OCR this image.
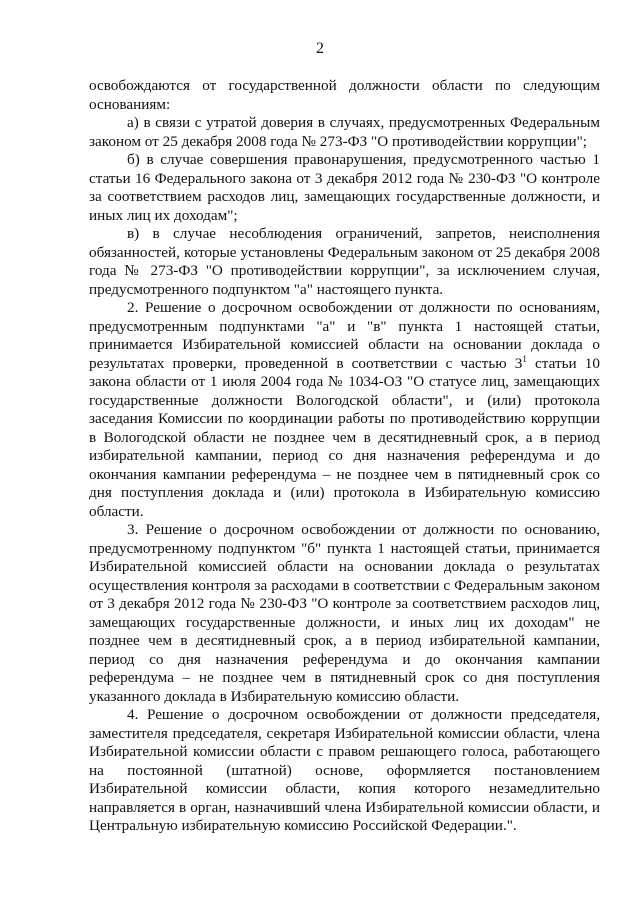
2

освобождаются от государственной должности области по следующим основаниям:

а) в связи с утратой доверия в случаях, предусмотренных Федеральным законом от 25 декабря 2008 года № 273-ФЗ "О противодействии коррупции";

б) в случае совершения правонарушения, предусмотренного частью 1 статьи 16 Федерального закона от 3 декабря 2012 года № 230-ФЗ "О контроле за соответствием расходов лиц, замещающих государственные должности, и иных лиц их доходам";

в) в случае несоблюдения ограничений, запретов, неисполнения обязанностей, которые установлены Федеральным законом от 25 декабря 2008 года № 273-ФЗ "О противодействии коррупции", за исключением случая, предусмотренного подпунктом "а" настоящего пункта.

2. Решение о досрочном освобождении от должности по основаниям, предусмотренным подпунктами "а" и "в" пункта 1 настоящей статьи, принимается Избирательной комиссией области на основании доклада о результатах проверки, проведенной в соответствии с частью $3^1$ статьи 10 закона области от 1 июля 2004 года № 1034-ОЗ "О статусе лиц, замещающих государственные должности Вологодской области", и (или) протокола заседания Комиссии по координации работы по противодействию коррупции в Вологодской области не позднее чем в десятидневный срок, а в период избирательной кампании, период со дня назначения референдума и до окончания кампании референдума – не позднее чем в пятидневный срок со дня поступления доклада и (или) протокола в Избирательную комиссию области.

3. Решение о досрочном освобождении от должности по основанию, предусмотренному подпунктом "б" пункта 1 настоящей статьи, принимается Избирательной комиссией области на основании доклада о результатах осуществления контроля за расходами в соответствии с Федеральным законом от 3 декабря 2012 года № 230-ФЗ "О контроле за соответствием расходов лиц, замещающих государственные должности, и иных лиц их доходам" не позднее чем в десятидневный срок, а в период избирательной кампании, период со дня назначения референдума и до окончания кампании референдума – не позднее чем в пятидневный срок со дня поступления указанного доклада в Избирательную комиссию области.

4. Решение о досрочном освобождении от должности председателя, заместителя председателя, секретаря Избирательной комиссии области, члена Избирательной комиссии области с правом решающего голоса, работающего на постоянной (штатной) основе, оформляется постановлением Избирательной комиссии области, копия которого незамедлительно направляется в орган, назначивший члена Избирательной комиссии области, и Центральную избирательную комиссию Российской Федерации.".
